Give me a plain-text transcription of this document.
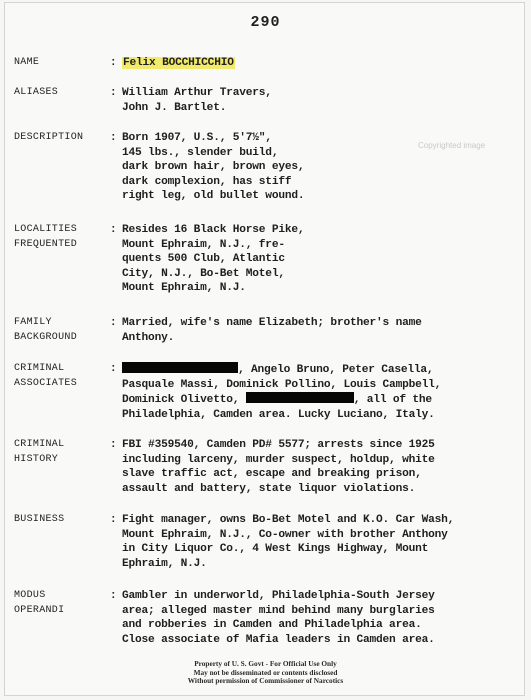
290
Copyrighted image
NAME	: Felix BOCCHICCHIO
ALIASES	: William Arthur Travers,
John J. Bartlet.
DESCRIPTION	: Born 1907, U.S., 5'7½",
145 lbs., slender build,
dark brown hair, brown eyes,
dark complexion, has stiff
right leg, old bullet wound.
LOCALITIES
FREQUENTED
: Resides 16 Black Horse Pike,
Mount Ephraim, N.J., fre-
quents 500 Club, Atlantic
City, N.J., Bo-Bet Motel,
Mount Ephraim, N.J.
FAMILY
BACKGROUND
: Married, wife's name Elizabeth; brother's name
Anthony.
CRIMINAL
ASSOCIATES
:	, Angelo Bruno, Peter Casella,
Pasquale Massi, Dominick Pollino, Louis Campbell,
Dominick Olivetto,	, all of the
Philadelphia, Camden area. Lucky Luciano, Italy.
CRIMINAL
HISTORY
: FBI #359540, Camden PD# 5577; arrests since 1925
including larceny, murder suspect, holdup, white
slave traffic act, escape and breaking prison,
assault and battery, state liquor violations.
BUSINESS	: Fight manager, owns Bo-Bet Motel and K.O. Car Wash,
Mount Ephraim, N.J., Co-owner with brother Anthony
in City Liquor Co., 4 West Kings Highway, Mount
Ephraim, N.J.
MODUS
OPERANDI
: Gambler in underworld, Philadelphia-South Jersey
area; alleged master mind behind many burglaries
and robberies in Camden and Philadelphia area.
Close associate of Mafia leaders in Camden area.
Property of U. S. Govt - For Official Use Only
May not be disseminated or contents disclosed
Without permission of Commissioner of Narcotics
